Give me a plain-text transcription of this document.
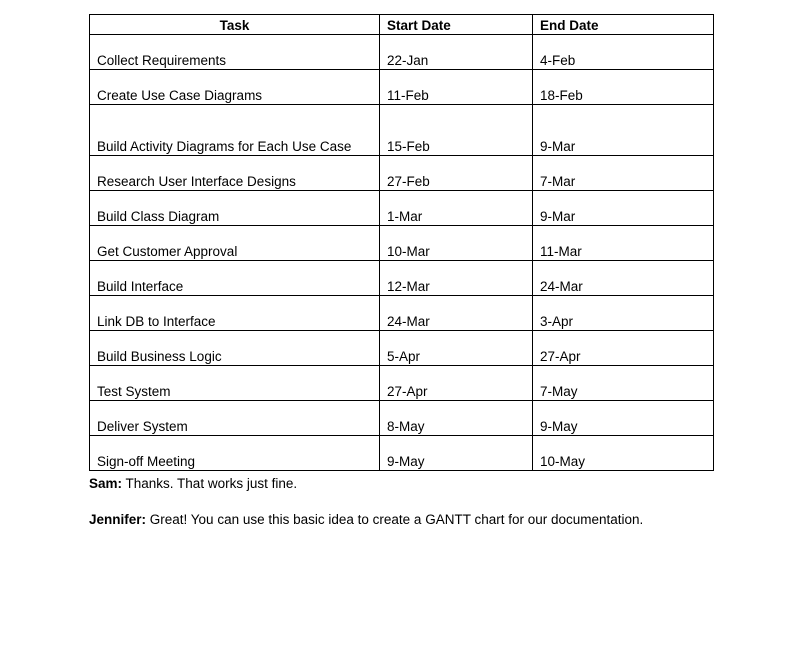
Task	Start Date	End Date
Collect Requirements	22-Jan	4-Feb
Create Use Case Diagrams	11-Feb	18-Feb
Build Activity Diagrams for Each Use Case	15-Feb	9-Mar
Research User Interface Designs	27-Feb	7-Mar
Build Class Diagram	1-Mar	9-Mar
Get Customer Approval	10-Mar	11-Mar
Build Interface	12-Mar	24-Mar
Link DB to Interface	24-Mar	3-Apr
Build Business Logic	5-Apr	27-Apr
Test System	27-Apr	7-May
Deliver System	8-May	9-May
Sign-off Meeting	9-May	10-May

Sam: Thanks. That works just fine.

Jennifer: Great! You can use this basic idea to create a GANTT chart for our documentation.
